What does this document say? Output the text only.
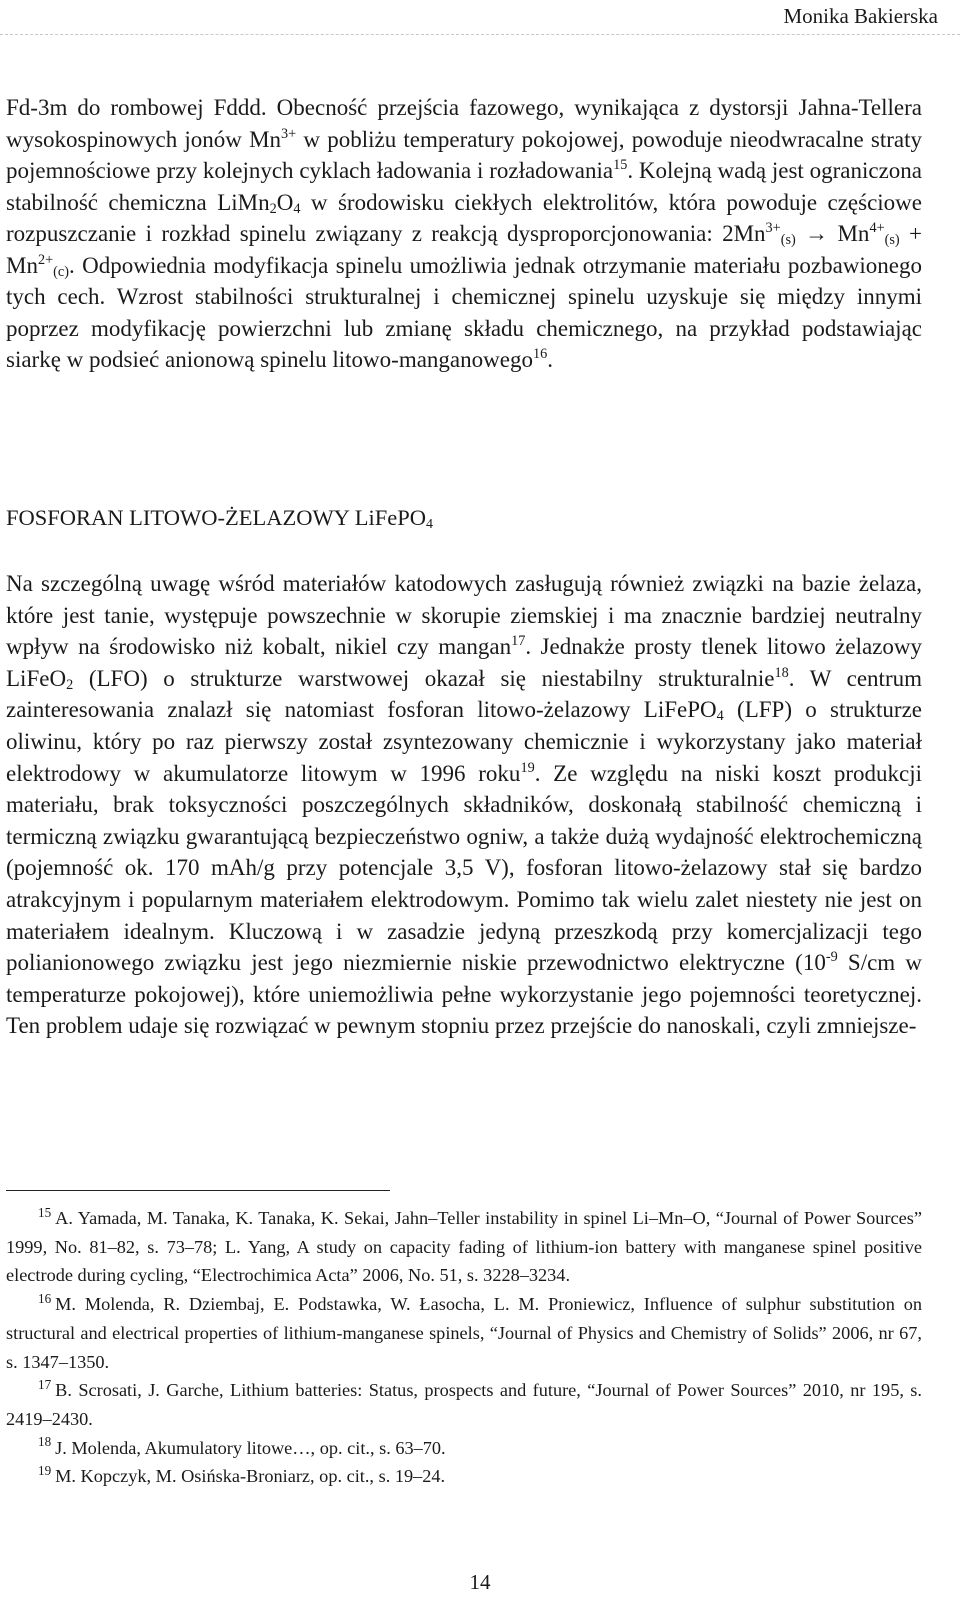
Monika Bakierska

Fd-3m do rombowej Fddd. Obecność przejścia fazowego, wynikająca z dystorsji Jahna-Tellera wysokospinowych jonów $Mn^{3+}$ w pobliżu temperatury pokojowej, powoduje nieodwracalne straty pojemnościowe przy kolejnych cyklach ładowania i rozładowania$^{15}$. Kolejną wadą jest ograniczona stabilność chemiczna $LiMn_2O_4$ w środowisku ciekłych elektrolitów, która powoduje częściowe rozpuszczanie i rozkład spinelu związany z reakcją dysproporcjonowania: $2Mn^{3+}_{(s)} \to Mn^{4+}_{(s)} + Mn^{2+}_{(c)}$. Odpowiednia modyfikacja spinelu umożliwia jednak otrzymanie materiału pozbawionego tych cech. Wzrost stabilności strukturalnej i chemicznej spinelu uzyskuje się między innymi poprzez modyfikację powierzchni lub zmianę składu chemicznego, na przykład podstawiając siarkę w podsieć anionową spinelu litowo-manganowego$^{16}$.

FOSFORAN LITOWO-ŻELAZOWY LiFePO$_4$

Na szczególną uwagę wśród materiałów katodowych zasługują również związki na bazie żelaza, które jest tanie, występuje powszechnie w skorupie ziemskiej i ma znacznie bardziej neutralny wpływ na środowisko niż kobalt, nikiel czy mangan$^{17}$. Jednakże prosty tlenek litowo żelazowy LiFeO$_2$ (LFO) o strukturze warstwowej okazał się niestabilny strukturalnie$^{18}$. W centrum zainteresowania znalazł się natomiast fosforan litowo-żelazowy LiFePO$_4$ (LFP) o strukturze oliwinu, który po raz pierwszy został zsyntezowany chemicznie i wykorzystany jako materiał elektrodowy w akumulatorze litowym w 1996 roku$^{19}$. Ze względu na niski koszt produkcji materiału, brak toksyczności poszczególnych składników, doskonałą stabilność chemiczną i termiczną związku gwarantującą bezpieczeństwo ogniw, a także dużą wydajność elektrochemiczną (pojemność ok. 170 mAh/g przy potencjale 3,5 V), fosforan litowo-żelazowy stał się bardzo atrakcyjnym i popularnym materiałem elektrodowym. Pomimo tak wielu zalet niestety nie jest on materiałem idealnym. Kluczową i w zasadzie jedyną przeszkodą przy komercjalizacji tego polianionowego związku jest jego niezmiernie niskie przewodnictwo elektryczne ($10^{-9}$ S/cm w temperaturze pokojowej), które uniemożliwia pełne wykorzystanie jego pojemności teoretycznej. Ten problem udaje się rozwiązać w pewnym stopniu przez przejście do nanoskali, czyli zmniejsze-

$^{15}$ A. Yamada, M. Tanaka, K. Tanaka, K. Sekai, Jahn–Teller instability in spinel Li–Mn–O, “Journal of Power Sources” 1999, No. 81–82, s. 73–78; L. Yang, A study on capacity fading of lithium-ion battery with manganese spinel positive electrode during cycling, “Electrochimica Acta” 2006, No. 51, s. 3228–3234.

$^{16}$ M. Molenda, R. Dziembaj, E. Podstawka, W. Łasocha, L. M. Proniewicz, Influence of sulphur substitution on structural and electrical properties of lithium-manganese spinels, “Journal of Physics and Chemistry of Solids” 2006, nr 67, s. 1347–1350.

$^{17}$ B. Scrosati, J. Garche, Lithium batteries: Status, prospects and future, “Journal of Power Sources” 2010, nr 195, s. 2419–2430.

$^{18}$ J. Molenda, Akumulatory litowe…, op. cit., s. 63–70.

$^{19}$ M. Kopczyk, M. Osińska-Broniarz, op. cit., s. 19–24.

14
